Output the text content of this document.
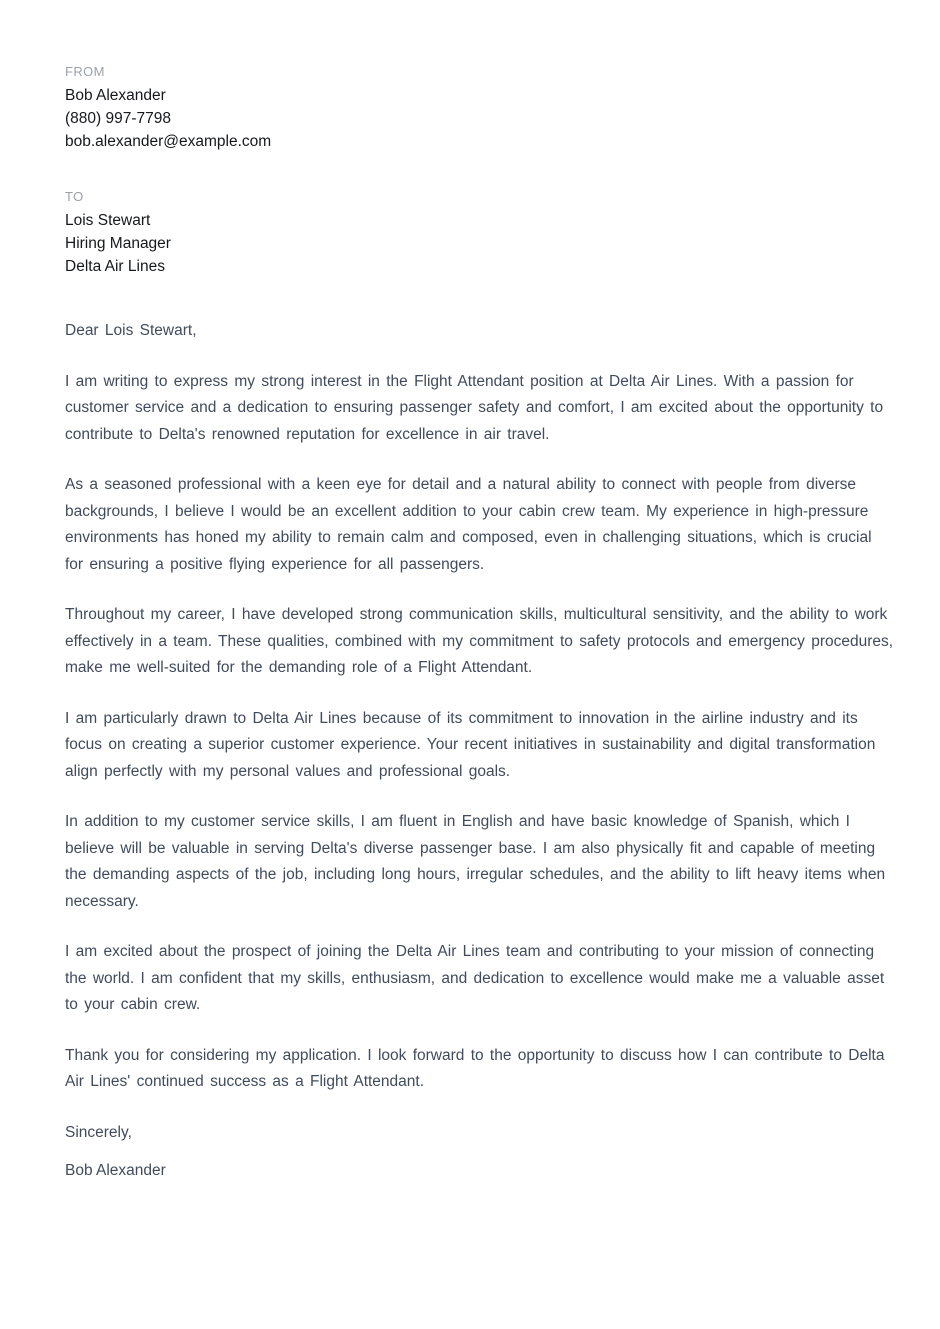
FROM
Bob Alexander
(880) 997-7798
bob.alexander@example.com
TO
Lois Stewart
Hiring Manager
Delta Air Lines
Dear Lois Stewart,
I am writing to express my strong interest in the Flight Attendant position at Delta Air Lines. With a passion for customer service and a dedication to ensuring passenger safety and comfort, I am excited about the opportunity to contribute to Delta's renowned reputation for excellence in air travel.
As a seasoned professional with a keen eye for detail and a natural ability to connect with people from diverse backgrounds, I believe I would be an excellent addition to your cabin crew team. My experience in high-pressure environments has honed my ability to remain calm and composed, even in challenging situations, which is crucial for ensuring a positive flying experience for all passengers.
Throughout my career, I have developed strong communication skills, multicultural sensitivity, and the ability to work effectively in a team. These qualities, combined with my commitment to safety protocols and emergency procedures, make me well-suited for the demanding role of a Flight Attendant.
I am particularly drawn to Delta Air Lines because of its commitment to innovation in the airline industry and its focus on creating a superior customer experience. Your recent initiatives in sustainability and digital transformation align perfectly with my personal values and professional goals.
In addition to my customer service skills, I am fluent in English and have basic knowledge of Spanish, which I believe will be valuable in serving Delta's diverse passenger base. I am also physically fit and capable of meeting the demanding aspects of the job, including long hours, irregular schedules, and the ability to lift heavy items when necessary.
I am excited about the prospect of joining the Delta Air Lines team and contributing to your mission of connecting the world. I am confident that my skills, enthusiasm, and dedication to excellence would make me a valuable asset to your cabin crew.
Thank you for considering my application. I look forward to the opportunity to discuss how I can contribute to Delta Air Lines' continued success as a Flight Attendant.
Sincerely,
Bob Alexander
